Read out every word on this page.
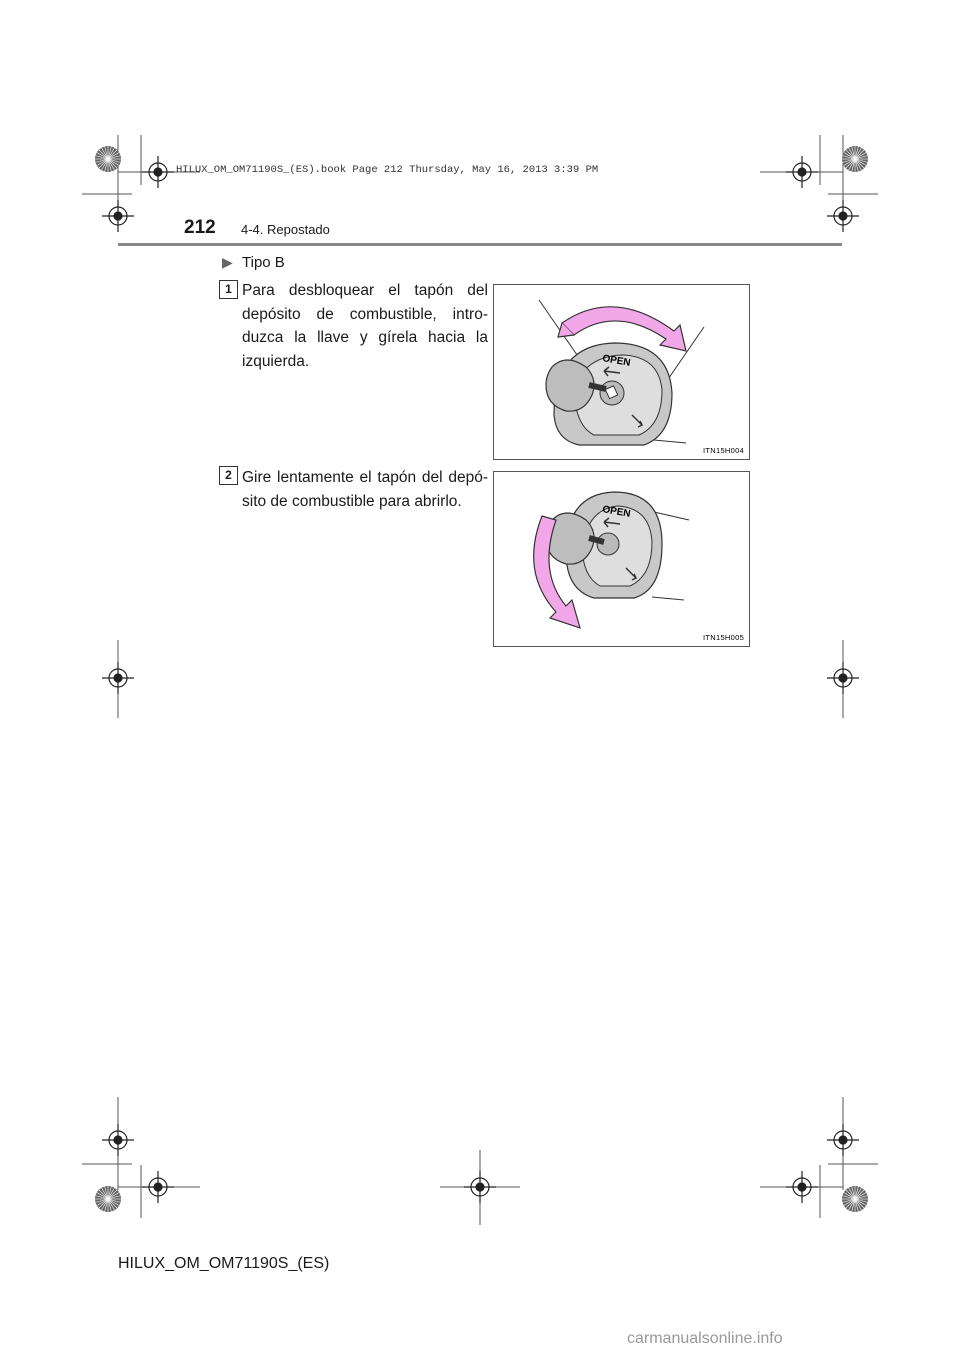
HILUX_OM_OM71190S_(ES).book Page 212 Thursday, May 16, 2013 3:39 PM
212 4-4. Repostado
▶ Tipo B
1 Para desbloquear el tapón del depósito de combustible, intro-duzca la llave y gírela hacia la izquierda.	OPEN
ITN15H004
2 Gire lentamente el tapón del depó-sito de combustible para abrirlo.
OPEN
ITN15H005
HILUX_OM_OM71190S_(ES)
carmanualsonline.info
